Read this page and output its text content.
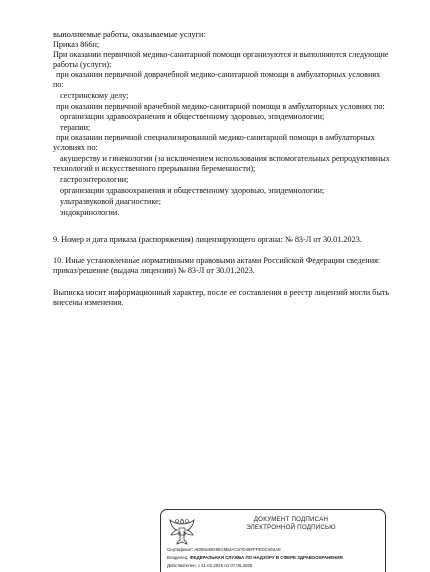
выполняемые работы, оказываемые услуги:
Приказ 866н;
При оказании первичной медико-санитарной помощи организуются и выполняются следующие
работы (услуги):
при оказании первичной доврачебной медико-санитарной помощи в амбулаторных условиях
по:
сестринскому делу;
при оказании первичной врачебной медико-санитарной помощи в амбулаторных условиях по:
организации здравоохранения и общественному здоровью, эпидемиологии;
терапии;
при оказании первичной специализированной медико-санитарной помощи в амбулаторных
условиях по:
акушерству и гинекологии (за исключением использования вспомогательных репродуктивных
технологий и искусственного прерывания беременности);
гастроэнтерологии;
организации здравоохранения и общественному здоровью, эпидемиологии;
ультразвуковой диагностике;
эндокринологии.
9. Номер и дата приказа (распоряжения) лицензирующего органа: № 83-Л от 30.01.2023.
10. Иные установленные нормативными правовыми актами Российской Федерации сведения:
приказ/решение (выдача лицензии) № 83-Л от 30.01.2023.
Выписка носит информационный характер, после ее составления в реестр лицензий могли быть
внесены изменения.
ДОКУМЕНТ ПОДПИСАН
ЭЛЕКТРОННОЙ ПОДПИСЬЮ
Сертификат: ADB9189295C5B4AC67D48FFFEDC463AE
Владелец: ФЕДЕРАЛЬНАЯ СЛУЖБА ПО НАДЗОРУ В СФЕРЕ ЗДРАВООХРАНЕНИЯ
Действителен: с 11.02.2025 по 07.05.2026
